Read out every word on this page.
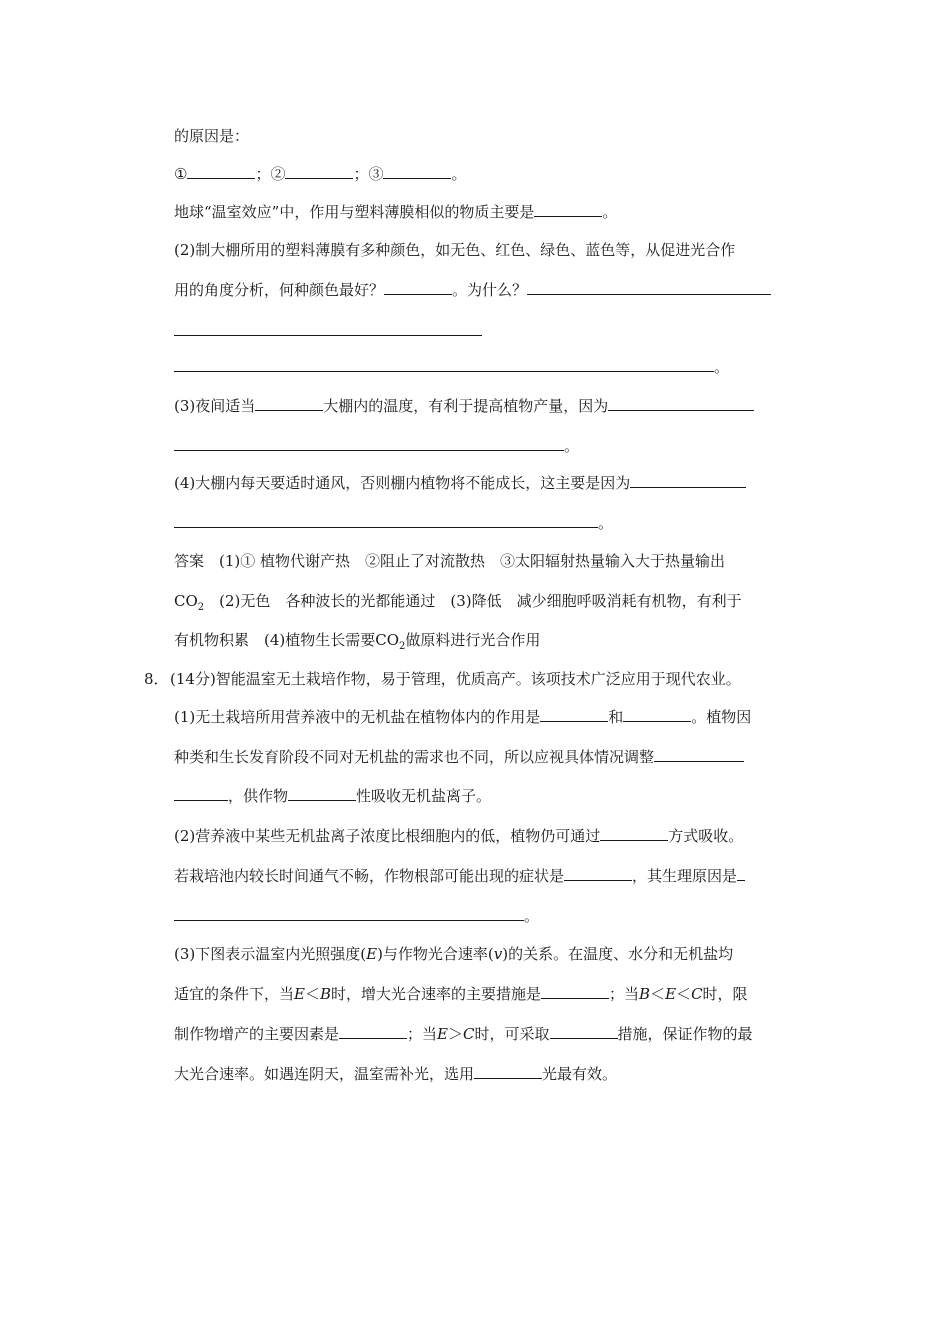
的原因是：
①	；②	；③	。
地球“温室效应”中，作用与塑料薄膜相似的物质主要是	。
(2)制大棚所用的塑料薄膜有多种颜色，如无色、红色、绿色、蓝色等，从促进光合作
用的角度分析，何种颜色最好？	。为什么？
。
(3)夜间适当	大棚内的温度，有利于提高植物产量，因为
。
(4)大棚内每天要适时通风，否则棚内植物将不能成长，这主要是因为
。
答案　(1)① 植物代谢产热　②阻止了对流散热　③太阳辐射热量输入大于热量输出
$CO_2$　(2)无色　各种波长的光都能通过　(3)降低　减少细胞呼吸消耗有机物，有利于
有机物积累　(4)植物生长需要$CO_2$做原料进行光合作用
8． (14分)智能温室无土栽培作物，易于管理，优质高产。该项技术广泛应用于现代农业。
(1)无土栽培所用营养液中的无机盐在植物体内的作用是	和	。植物因
种类和生长发育阶段不同对无机盐的需求也不同，所以应视具体情况调整
，供作物	性吸收无机盐离子。
(2)营养液中某些无机盐离子浓度比根细胞内的低，植物仍可通过	方式吸收。
若栽培池内较长时间通气不畅，作物根部可能出现的症状是	，其生理原因是
。
(3)下图表示温室内光照强度(E)与作物光合速率(v)的关系。在温度、水分和无机盐均
适宜的条件下，当E＜B时，增大光合速率的主要措施是	；当B＜E＜C时，限
制作物增产的主要因素是	；当E＞C时，可采取	措施，保证作物的最
大光合速率。如遇连阴天，温室需补光，选用	光最有效。
